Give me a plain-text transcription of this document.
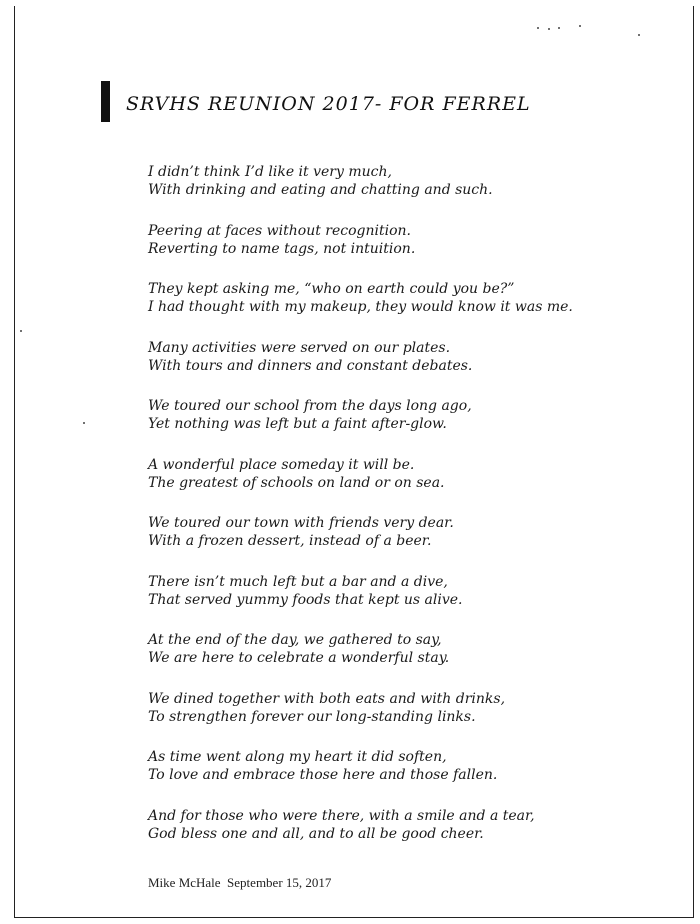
SRVHS REUNION 2017- FOR FERREL
I didn’t think I’d like it very much,
With drinking and eating and chatting and such.
Peering at faces without recognition.
Reverting to name tags, not intuition.
They kept asking me, “who on earth could you be?”
I had thought with my makeup, they would know it was me.
Many activities were served on our plates.
With tours and dinners and constant debates.
We toured our school from the days long ago,
Yet nothing was left but a faint after-glow.
A wonderful place someday it will be.
The greatest of schools on land or on sea.
We toured our town with friends very dear.
With a frozen dessert, instead of a beer.
There isn’t much left but a bar and a dive,
That served yummy foods that kept us alive.
At the end of the day, we gathered to say,
We are here to celebrate a wonderful stay.
We dined together with both eats and with drinks,
To strengthen forever our long-standing links.
As time went along my heart it did soften,
To love and embrace those here and those fallen.
And for those who were there, with a smile and a tear,
God bless one and all, and to all be good cheer.
Mike McHale  September 15, 2017
